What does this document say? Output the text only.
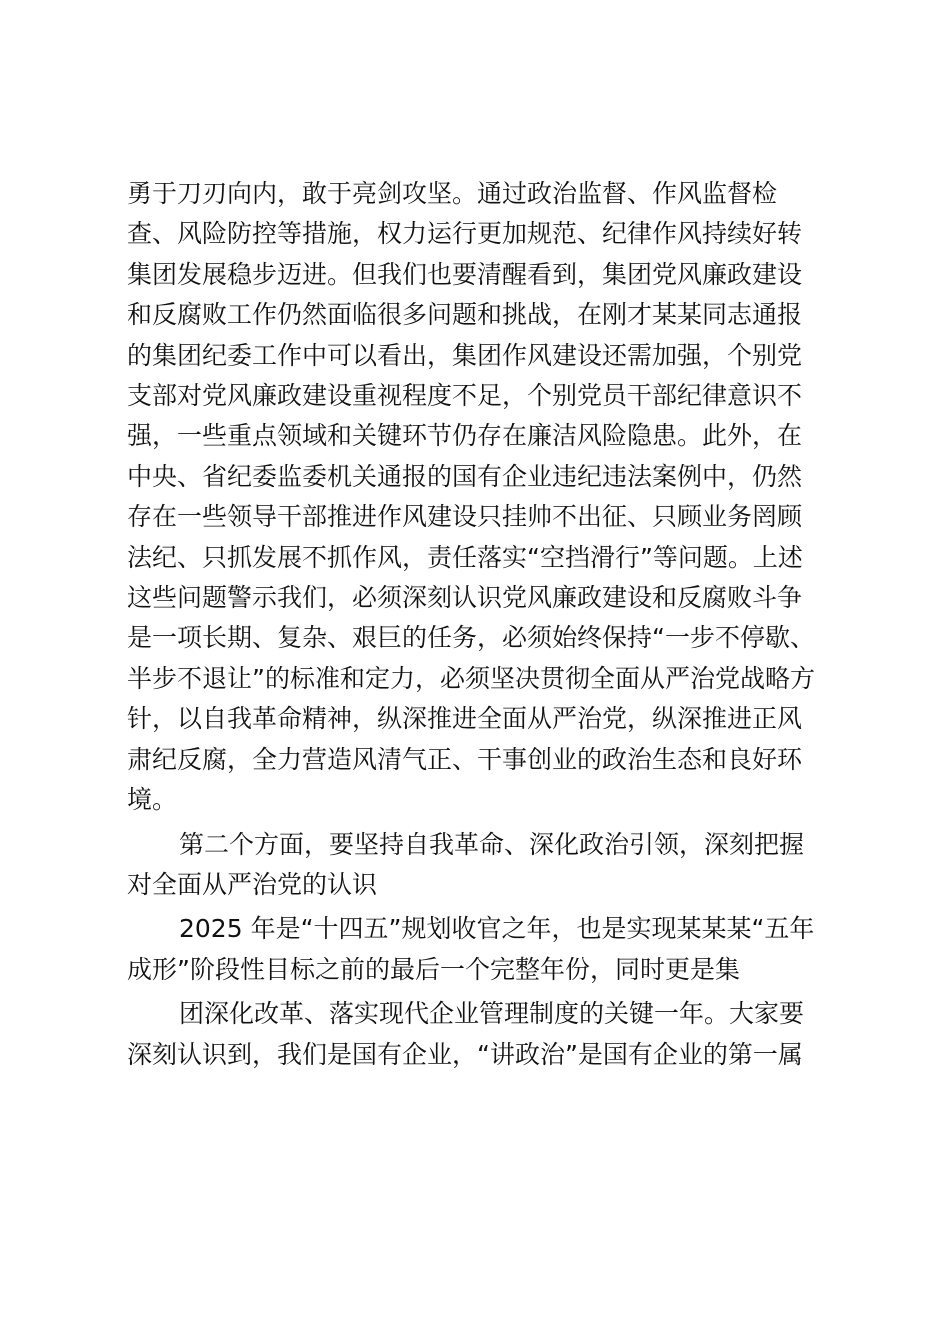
勇于刀刃向内，敢于亮剑攻坚。通过政治监督、作风监督检
查、风险防控等措施，权力运行更加规范、纪律作风持续好转
集团发展稳步迈进。但我们也要清醒看到，集团党风廉政建设
和反腐败工作仍然面临很多问题和挑战，在刚才某某同志通报
的集团纪委工作中可以看出，集团作风建设还需加强，个别党
支部对党风廉政建设重视程度不足，个别党员干部纪律意识不
强，一些重点领域和关键环节仍存在廉洁风险隐患。此外，在
中央、省纪委监委机关通报的国有企业违纪违法案例中，仍然
存在一些领导干部推进作风建设只挂帅不出征、只顾业务罔顾
法纪、只抓发展不抓作风，责任落实“空挡滑行”等问题。上述
这些问题警示我们，必须深刻认识党风廉政建设和反腐败斗争
是一项长期、复杂、艰巨的任务，必须始终保持“一步不停歇、
半步不退让”的标准和定力，必须坚决贯彻全面从严治党战略方
针，以自我革命精神，纵深推进全面从严治党，纵深推进正风
肃纪反腐，全力营造风清气正、干事创业的政治生态和良好环
境。
第二个方面，要坚持自我革命、深化政治引领，深刻把握
对全面从严治党的认识
2025 年是“十四五”规划收官之年，也是实现某某某“五年
成形”阶段性目标之前的最后一个完整年份，同时更是集
团深化改革、落实现代企业管理制度的关键一年。大家要
深刻认识到，我们是国有企业，“讲政治”是国有企业的第一属
